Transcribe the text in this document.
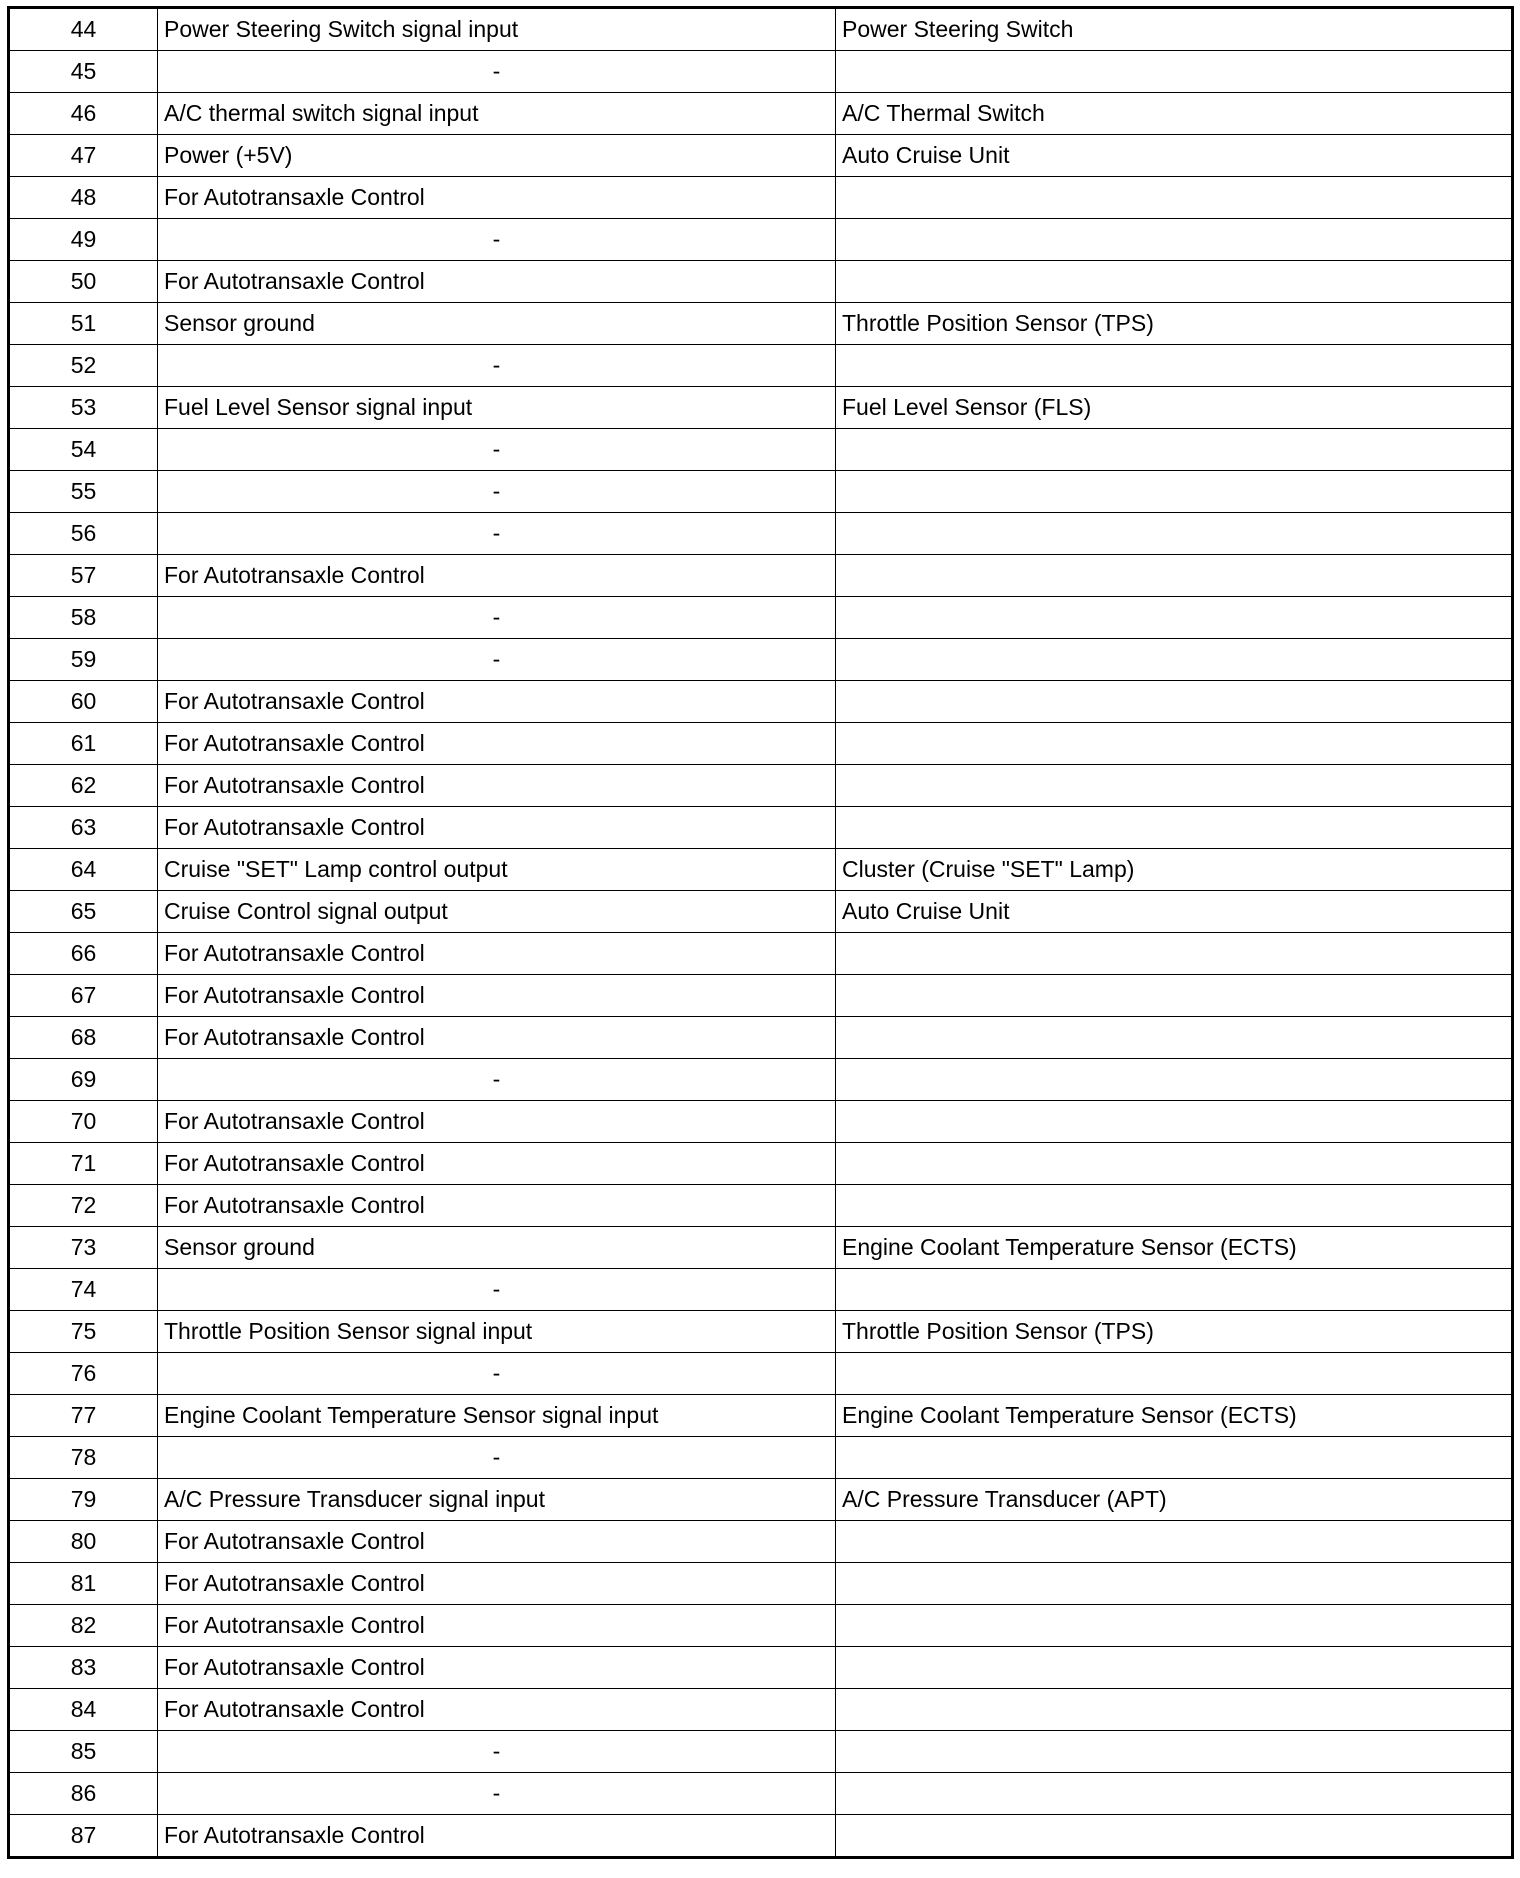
44	Power Steering Switch signal input	Power Steering Switch
45	-	
46	A/C thermal switch signal input	A/C Thermal Switch
47	Power (+5V)	Auto Cruise Unit
48	For Autotransaxle Control	
49	-	
50	For Autotransaxle Control	
51	Sensor ground	Throttle Position Sensor (TPS)
52	-	
53	Fuel Level Sensor signal input	Fuel Level Sensor (FLS)
54	-	
55	-	
56	-	
57	For Autotransaxle Control	
58	-	
59	-	
60	For Autotransaxle Control	
61	For Autotransaxle Control	
62	For Autotransaxle Control	
63	For Autotransaxle Control	
64	Cruise "SET" Lamp control output	Cluster (Cruise "SET" Lamp)
65	Cruise Control signal output	Auto Cruise Unit
66	For Autotransaxle Control	
67	For Autotransaxle Control	
68	For Autotransaxle Control	
69	-	
70	For Autotransaxle Control	
71	For Autotransaxle Control	
72	For Autotransaxle Control	
73	Sensor ground	Engine Coolant Temperature Sensor (ECTS)
74	-	
75	Throttle Position Sensor signal input	Throttle Position Sensor (TPS)
76	-	
77	Engine Coolant Temperature Sensor signal input	Engine Coolant Temperature Sensor (ECTS)
78	-	
79	A/C Pressure Transducer signal input	A/C Pressure Transducer (APT)
80	For Autotransaxle Control	
81	For Autotransaxle Control	
82	For Autotransaxle Control	
83	For Autotransaxle Control	
84	For Autotransaxle Control	
85	-	
86	-	
87	For Autotransaxle Control	
